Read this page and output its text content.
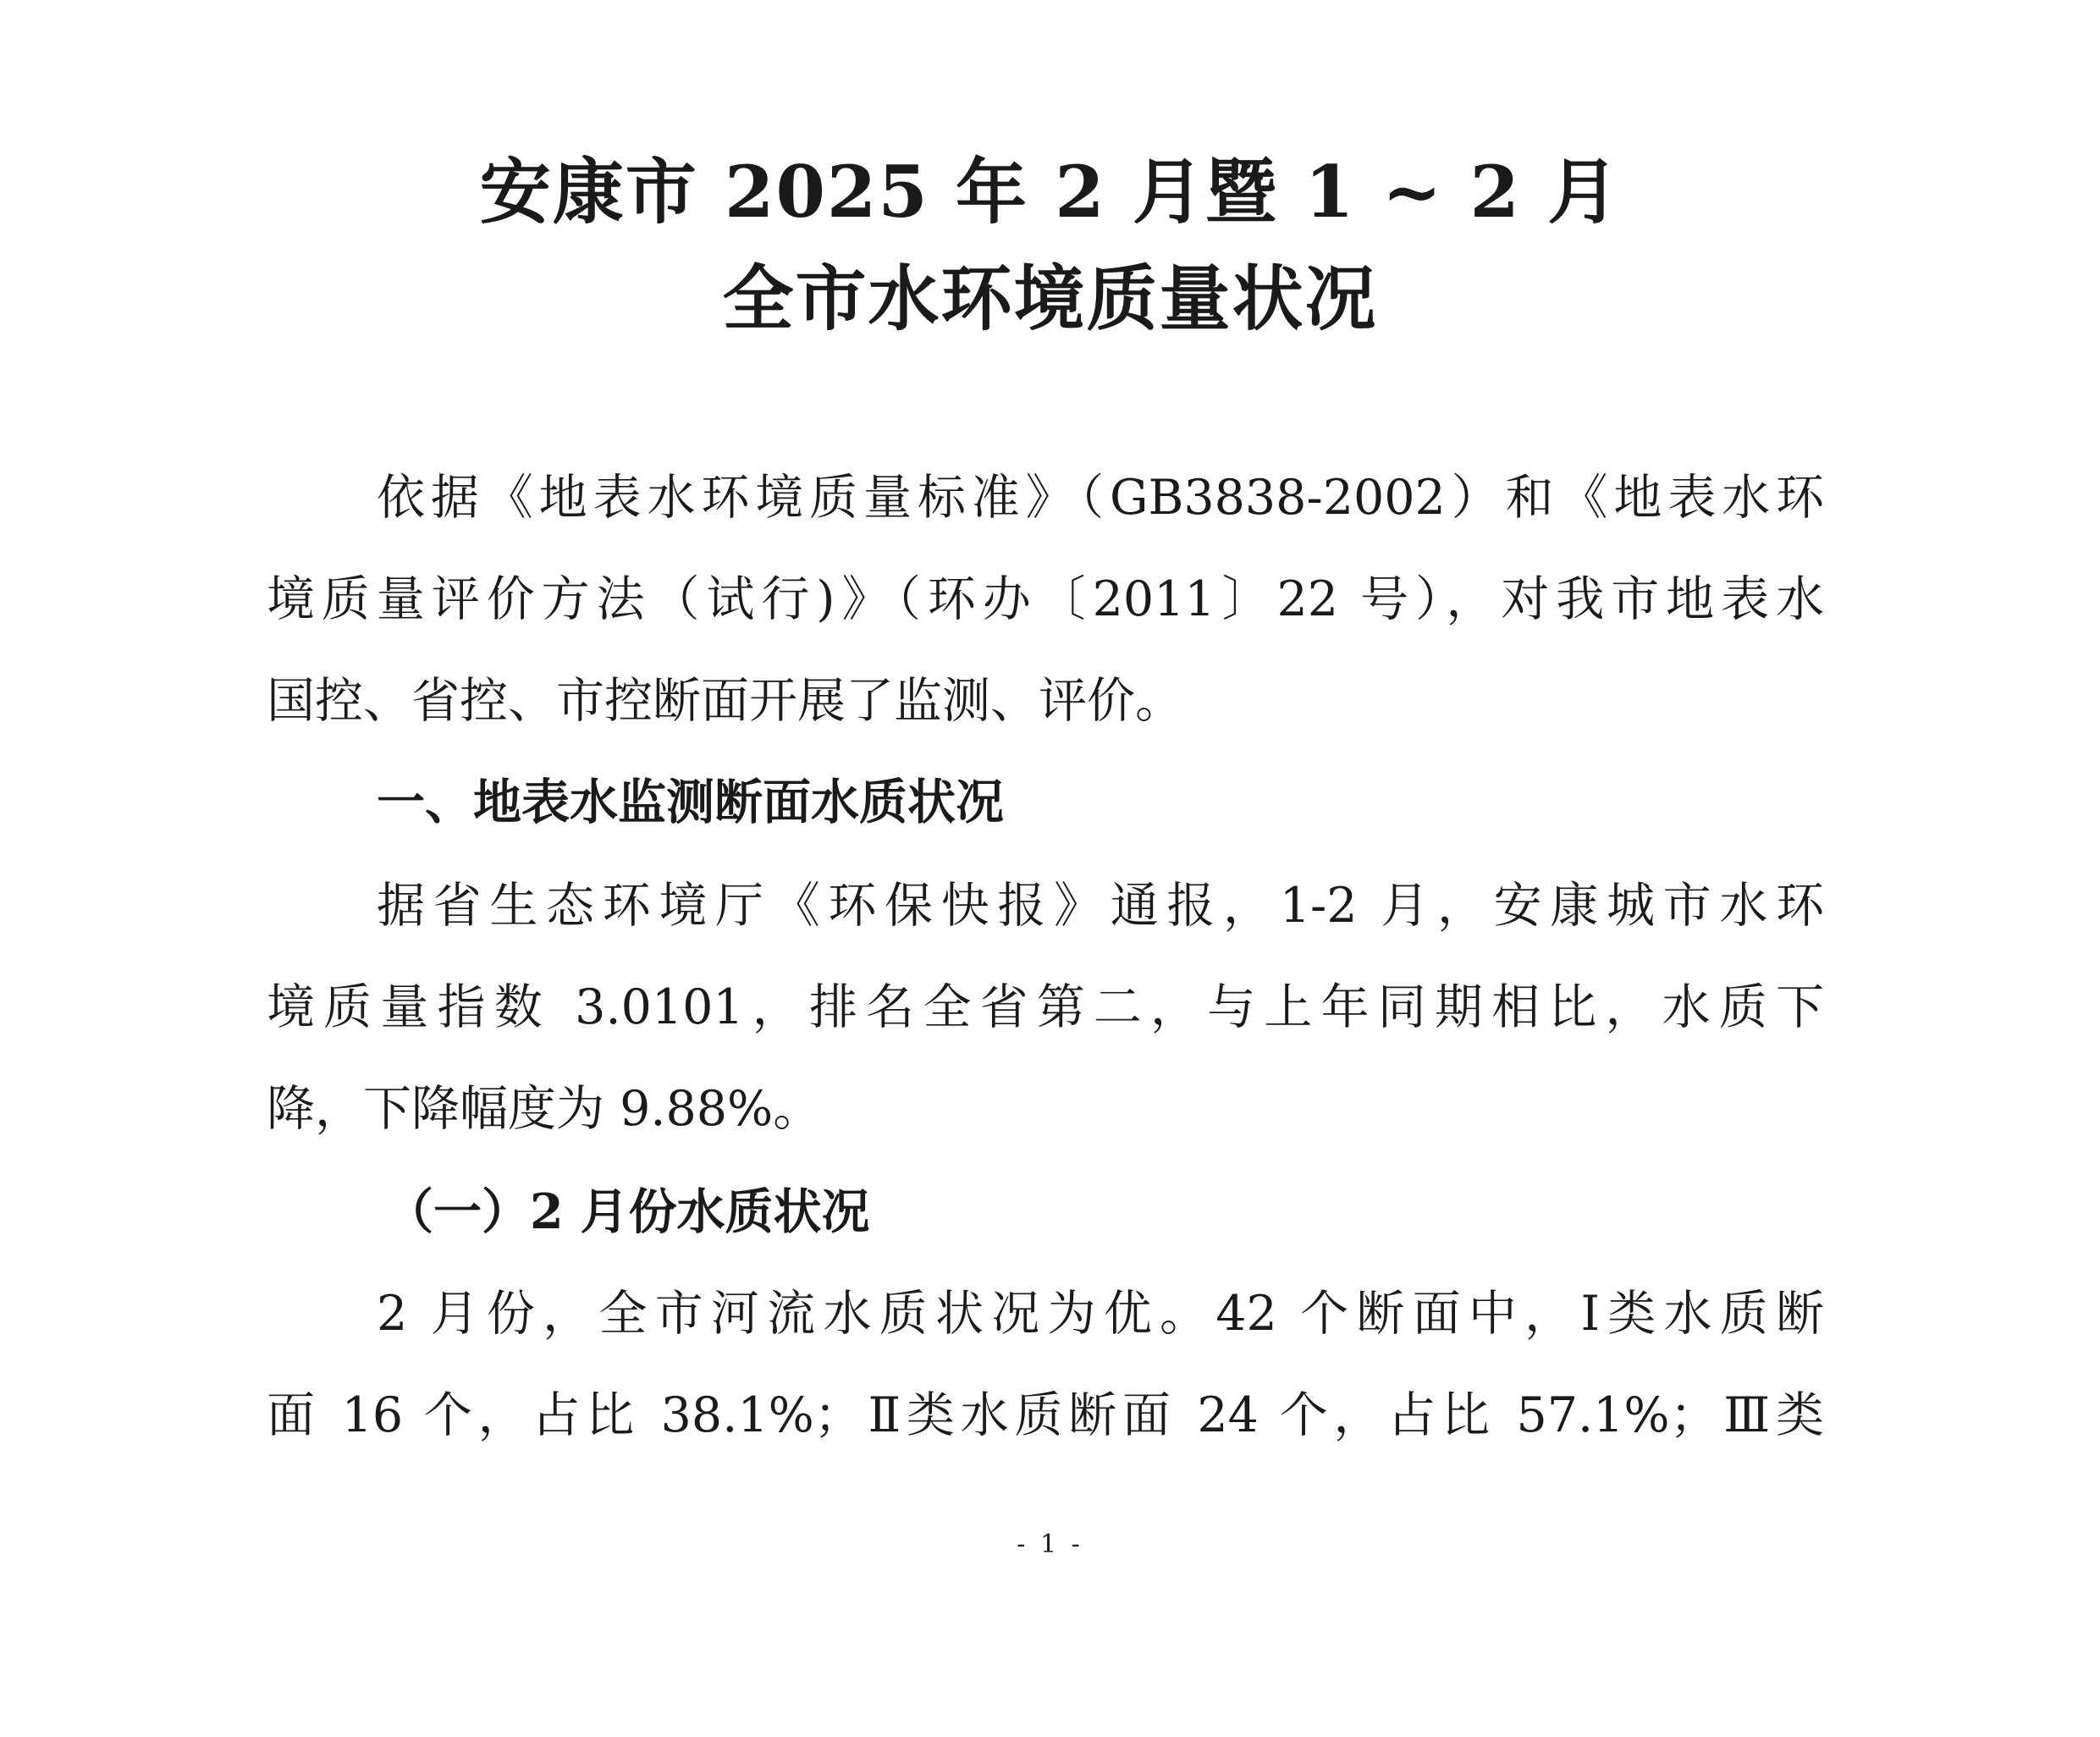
安康市 2025 年 2 月暨 1 ~ 2 月
全市水环境质量状况
依据《地表水环境质量标准》（GB3838-2002）和《地表水环
境质量评价方法（试行)》（环办〔2011〕22 号），对我市地表水
国控、省控、市控断面开展了监测、评价。
一、地表水监测断面水质状况
据省生态环境厅《环保快报》通报，1-2 月，安康城市水环
境质量指数 3.0101，排名全省第二，与上年同期相比，水质下
降，下降幅度为 9.88%。
（一）2 月份水质状况
2 月份，全市河流水质状况为优。42 个断面中，Ⅰ类水质断
面 16 个，占比 38.1%；Ⅱ类水质断面 24 个，占比 57.1%；Ⅲ类
- 1 -
